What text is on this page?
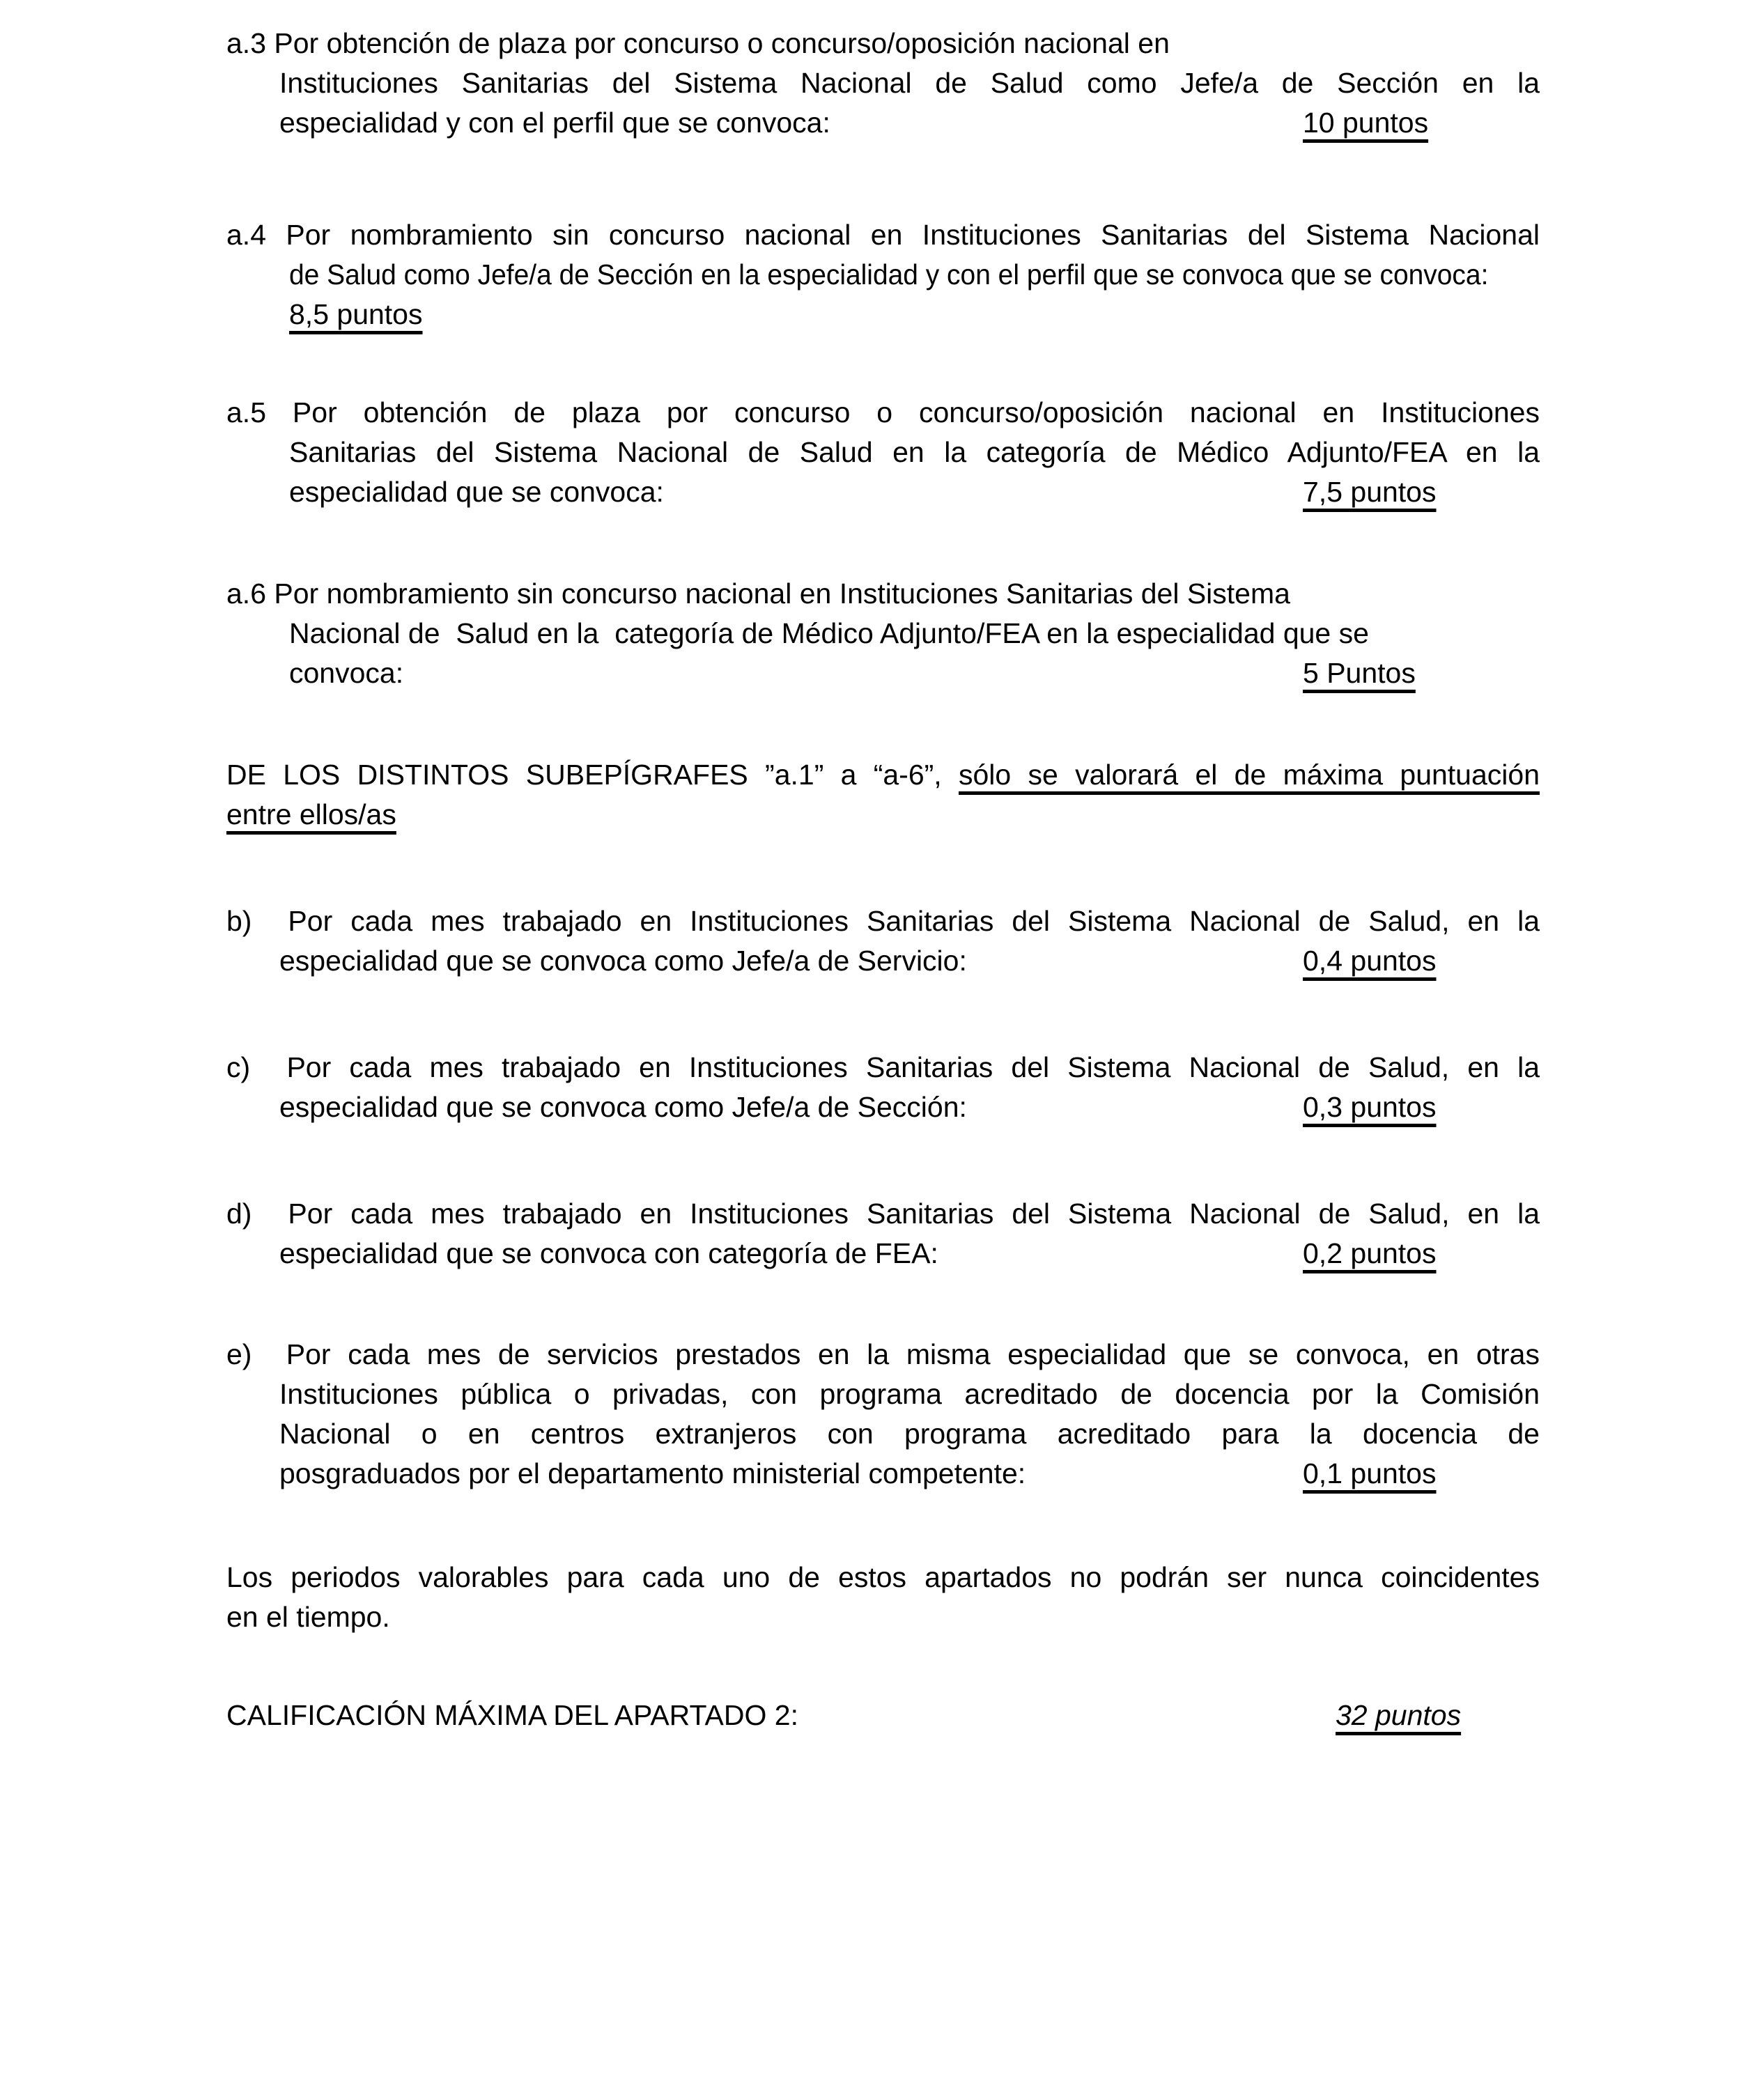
a.3 Por obtención de plaza por concurso o concurso/oposición nacional en
Instituciones Sanitarias del Sistema Nacional de Salud como Jefe/a de Sección en la
especialidad y con el perfil que se convoca:	10 puntos
a.4 Por nombramiento sin concurso nacional en Instituciones Sanitarias del Sistema Nacional
de Salud como Jefe/a de Sección en la especialidad y con el perfil que se convoca que se convoca:
8,5 puntos
a.5 Por obtención de plaza por concurso o concurso/oposición nacional en Instituciones
Sanitarias del Sistema Nacional de Salud en la categoría de Médico Adjunto/FEA en la
especialidad que se convoca:	7,5 puntos
a.6 Por nombramiento sin concurso nacional en Instituciones Sanitarias del Sistema
Nacional de  Salud en la  categoría de Médico Adjunto/FEA en la especialidad que se
convoca:	5 Puntos
DE LOS DISTINTOS SUBEPÍGRAFES ”a.1” a “a-6”, sólo se valorará el de máxima puntuación
entre ellos/as
b)  Por cada mes trabajado en Instituciones Sanitarias del Sistema Nacional de Salud, en la
especialidad que se convoca como Jefe/a de Servicio:	0,4 puntos
c)  Por cada mes trabajado en Instituciones Sanitarias del Sistema Nacional de Salud, en la
especialidad que se convoca como Jefe/a de Sección:	0,3 puntos
d)  Por cada mes trabajado en Instituciones Sanitarias del Sistema Nacional de Salud, en la
especialidad que se convoca con categoría de FEA:	0,2 puntos
e)  Por cada mes de servicios prestados en la misma especialidad que se convoca, en otras
Instituciones pública o privadas, con programa acreditado de docencia por la Comisión
Nacional o en centros extranjeros con programa acreditado para la docencia de
posgraduados por el departamento ministerial competente:	0,1 puntos
Los periodos valorables para cada uno de estos apartados no podrán ser nunca coincidentes
en el tiempo.
CALIFICACIÓN MÁXIMA DEL APARTADO 2:	32 puntos
